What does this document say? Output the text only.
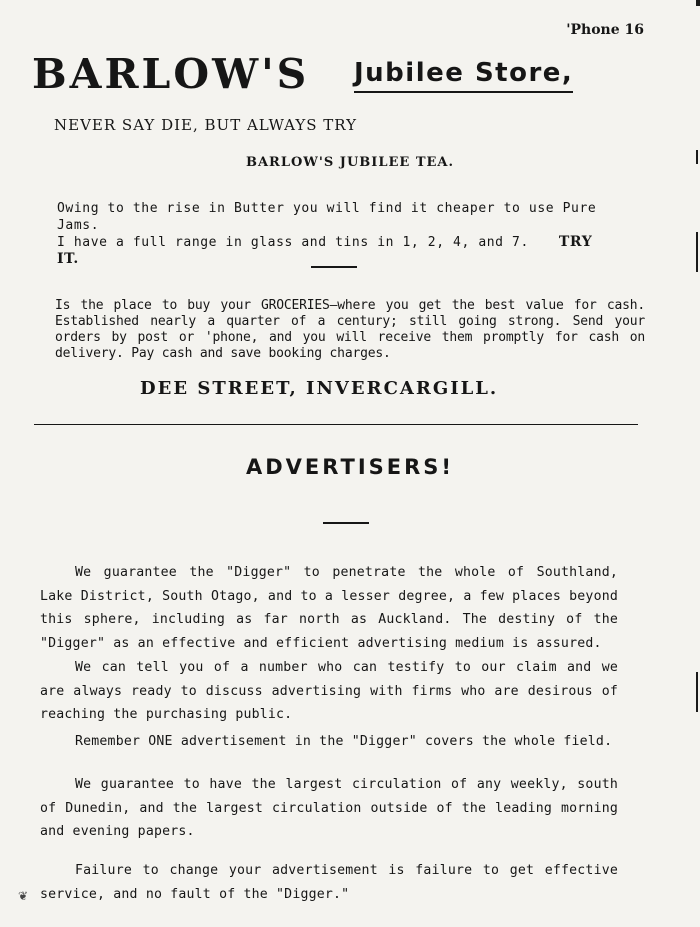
'Phone 16
BARLOW'S Jubilee Store,
NEVER SAY DIE, BUT ALWAYS TRY
BARLOW'S JUBILEE TEA.
Owing to the rise in Butter you will find it cheaper to use Pure Jams.
I have a full range in glass and tins in 1, 2, 4, and 7. TRY IT.
Is the place to buy your GROCERIES—where you get the best value for cash. Established nearly a quarter of a century; still going strong. Send your orders by post or 'phone, and you will receive them promptly for cash on delivery. Pay cash and save booking charges.
DEE STREET, INVERCARGILL.
ADVERTISERS!
We guarantee the "Digger" to penetrate the whole of Southland, Lake District, South Otago, and to a lesser degree, a few places beyond this sphere, including as far north as Auckland. The destiny of the "Digger" as an effective and efficient advertising medium is assured.
We can tell you of a number who can testify to our claim and we are always ready to discuss advertising with firms who are desirous of reaching the purchasing public.
Remember ONE advertisement in the "Digger" covers the whole field.
We guarantee to have the largest circulation of any weekly, south of Dunedin, and the largest circulation outside of the leading morning and evening papers.
Failure to change your advertisement is failure to get effective service, and no fault of the "Digger."
❦
